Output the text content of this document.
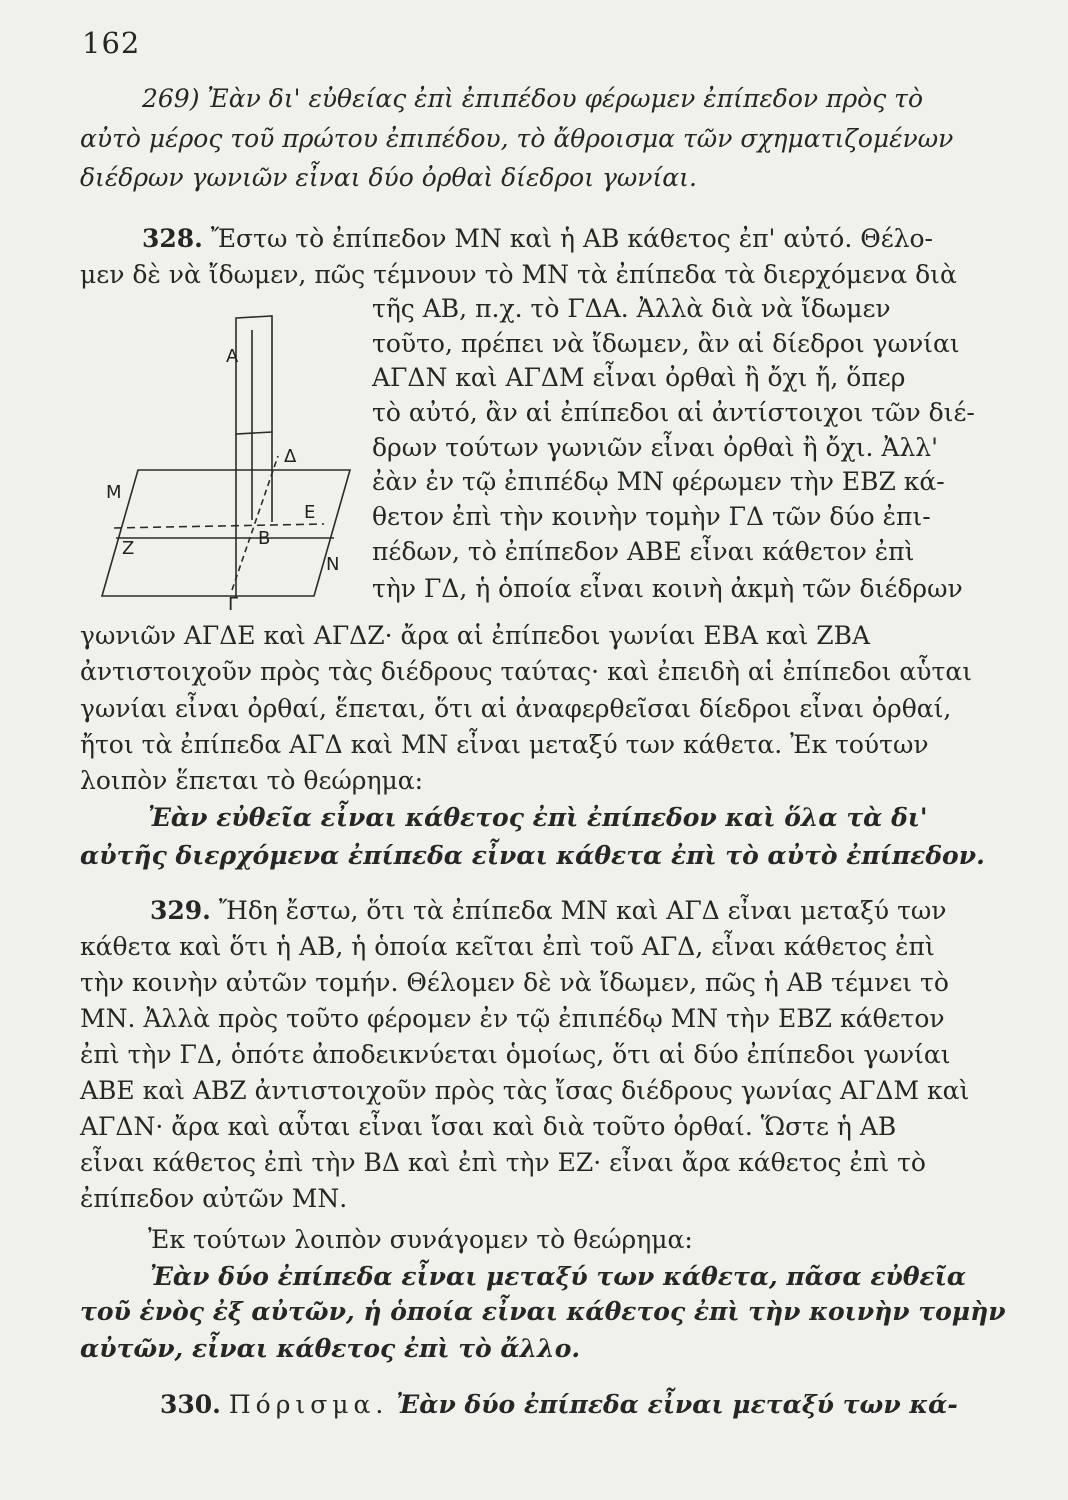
162
269) Ἐὰν δι' εὐθείας ἐπὶ ἐπιπέδου φέρωμεν ἐπίπεδον πρὸς τὸ
αὐτὸ μέρος τοῦ πρώτου ἐπιπέδου, τὸ ἄθροισμα τῶν σχηματιζομένων
διέδρων γωνιῶν εἶναι δύο ὀρθαὶ δίεδροι γωνίαι.
328. Ἔστω τὸ ἐπίπεδον ΜΝ καὶ ἡ ΑΒ κάθετος ἐπ' αὐτό. Θέλο-
μεν δὲ νὰ ἴδωμεν, πῶς τέμνουν τὸ ΜΝ τὰ ἐπίπεδα τὰ διερχόμενα διὰ
τῆς ΑΒ, π.χ. τὸ ΓΔΑ. Ἀλλὰ διὰ νὰ ἴδωμεν
τοῦτο, πρέπει νὰ ἴδωμεν, ἂν αἱ δίεδροι γωνίαι
ΑΓΔΝ καὶ ΑΓΔΜ εἶναι ὀρθαὶ ἢ ὄχι ἤ, ὅπερ
τὸ αὐτό, ἂν αἱ ἐπίπεδοι αἱ ἀντίστοιχοι τῶν διέ-
δρων τούτων γωνιῶν εἶναι ὀρθαὶ ἢ ὄχι. Ἀλλ'
ἐὰν ἐν τῷ ἐπιπέδῳ ΜΝ φέρωμεν τὴν ΕΒΖ κά-
θετον ἐπὶ τὴν κοινὴν τομὴν ΓΔ τῶν δύο ἐπι-
πέδων, τὸ ἐπίπεδον ΑΒΕ εἶναι κάθετον ἐπὶ
τὴν ΓΔ, ἡ ὁποία εἶναι κοινὴ ἀκμὴ τῶν διέδρων
γωνιῶν ΑΓΔΕ καὶ ΑΓΔΖ· ἄρα αἱ ἐπίπεδοι γωνίαι ΕΒΑ καὶ ΖΒΑ
ἀντιστοιχοῦν πρὸς τὰς διέδρους ταύτας· καὶ ἐπειδὴ αἱ ἐπίπεδοι αὗται
γωνίαι εἶναι ὀρθαί, ἕπεται, ὅτι αἱ ἀναφερθεῖσαι δίεδροι εἶναι ὀρθαί,
ἤτοι τὰ ἐπίπεδα ΑΓΔ καὶ ΜΝ εἶναι μεταξύ των κάθετα. Ἐκ τούτων
λοιπὸν ἕπεται τὸ θεώρημα:
Ἐὰν εὐθεῖα εἶναι κάθετος ἐπὶ ἐπίπεδον καὶ ὅλα τὰ δι'
αὐτῆς διερχόμενα ἐπίπεδα εἶναι κάθετα ἐπὶ τὸ αὐτὸ ἐπίπεδον.
329. Ἤδη ἔστω, ὅτι τὰ ἐπίπεδα ΜΝ καὶ ΑΓΔ εἶναι μεταξύ των
κάθετα καὶ ὅτι ἡ ΑΒ, ἡ ὁποία κεῖται ἐπὶ τοῦ ΑΓΔ, εἶναι κάθετος ἐπὶ
τὴν κοινὴν αὐτῶν τομήν. Θέλομεν δὲ νὰ ἴδωμεν, πῶς ἡ ΑΒ τέμνει τὸ
ΜΝ. Ἀλλὰ πρὸς τοῦτο φέρομεν ἐν τῷ ἐπιπέδῳ ΜΝ τὴν ΕΒΖ κάθετον
ἐπὶ τὴν ΓΔ, ὁπότε ἀποδεικνύεται ὁμοίως, ὅτι αἱ δύο ἐπίπεδοι γωνίαι
ΑΒΕ καὶ ΑΒΖ ἀντιστοιχοῦν πρὸς τὰς ἴσας διέδρους γωνίας ΑΓΔΜ καὶ
ΑΓΔΝ· ἄρα καὶ αὗται εἶναι ἴσαι καὶ διὰ τοῦτο ὀρθαί. Ὥστε ἡ ΑΒ
εἶναι κάθετος ἐπὶ τὴν ΒΔ καὶ ἐπὶ τὴν ΕΖ· εἶναι ἄρα κάθετος ἐπὶ τὸ
ἐπίπεδον αὐτῶν ΜΝ.
Ἐκ τούτων λοιπὸν συνάγομεν τὸ θεώρημα:
Ἐὰν δύο ἐπίπεδα εἶναι μεταξύ των κάθετα, πᾶσα εὐθεῖα
τοῦ ἑνὸς ἐξ αὐτῶν, ἡ ὁποία εἶναι κάθετος ἐπὶ τὴν κοινὴν τομὴν
αὐτῶν, εἶναι κάθετος ἐπὶ τὸ ἄλλο.
330. Πόρισμα. Ἐὰν δύο ἐπίπεδα εἶναι μεταξύ των κά-
Α
Δ
Μ
Ε
Ζ	Β
Ν
Γ
